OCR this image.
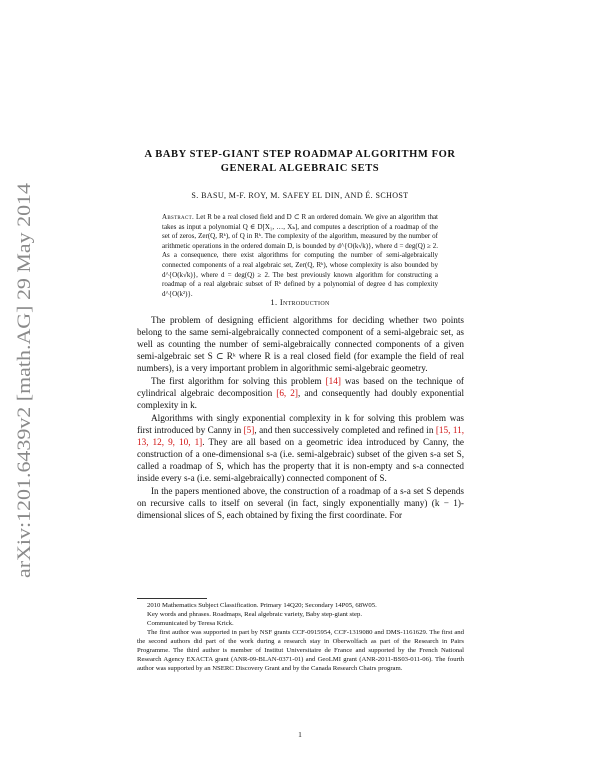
arXiv:1201.6439v2 [math.AG] 29 May 2014
A BABY STEP-GIANT STEP ROADMAP ALGORITHM FOR
GENERAL ALGEBRAIC SETS
S. BASU, M-F. ROY, M. SAFEY EL DIN, AND É. SCHOST
Abstract. Let R be a real closed field and D ⊂ R an ordered domain. We give an algorithm that takes as input a polynomial Q ∈ D[X₁, …, Xₖ], and computes a description of a roadmap of the set of zeros, Zer(Q, Rᵏ), of Q in Rᵏ. The complexity of the algorithm, measured by the number of arithmetic operations in the ordered domain D, is bounded by d^{O(k√k)}, where d = deg(Q) ≥ 2. As a consequence, there exist algorithms for computing the number of semi-algebraically connected components of a real algebraic set, Zer(Q, Rᵏ), whose complexity is also bounded by d^{O(k√k)}, where d = deg(Q) ≥ 2. The best previously known algorithm for constructing a roadmap of a real algebraic subset of Rᵏ defined by a polynomial of degree d has complexity d^{O(k²)}.
1. Introduction

The problem of designing efficient algorithms for deciding whether two points belong to the same semi-algebraically connected component of a semi-algebraic set, as well as counting the number of semi-algebraically connected components of a given semi-algebraic set S ⊂ Rᵏ where R is a real closed field (for example the field of real numbers), is a very important problem in algorithmic semi-algebraic geometry.

The first algorithm for solving this problem [14] was based on the technique of cylindrical algebraic decomposition [6, 2], and consequently had doubly exponential complexity in k.

Algorithms with singly exponential complexity in k for solving this problem was first introduced by Canny in [5], and then successively completed and refined in [15, 11, 13, 12, 9, 10, 1]. They are all based on a geometric idea introduced by Canny, the construction of a one-dimensional s-a (i.e. semi-algebraic) subset of the given s-a set S, called a roadmap of S, which has the property that it is non-empty and s-a connected inside every s-a (i.e. semi-algebraically) connected component of S.

In the papers mentioned above, the construction of a roadmap of a s-a set S depends on recursive calls to itself on several (in fact, singly exponentially many) (k − 1)-dimensional slices of S, each obtained by fixing the first coordinate. For

2010 Mathematics Subject Classification. Primary 14Q20; Secondary 14P05, 68W05.

Key words and phrases. Roadmaps, Real algebraic variety, Baby step-giant step.

Communicated by Teresa Krick.

The first author was supported in part by NSF grants CCF-0915954, CCF-1319080 and DMS-1161629. The first and the second authors did part of the work during a research stay in Oberwolfach as part of the Research in Pairs Programme. The third author is member of Institut Universitaire de France and supported by the French National Research Agency EXACTA grant (ANR-09-BLAN-0371-01) and GeoLMI grant (ANR-2011-BS03-011-06). The fourth author was supported by an NSERC Discovery Grant and by the Canada Research Chairs program.

1
